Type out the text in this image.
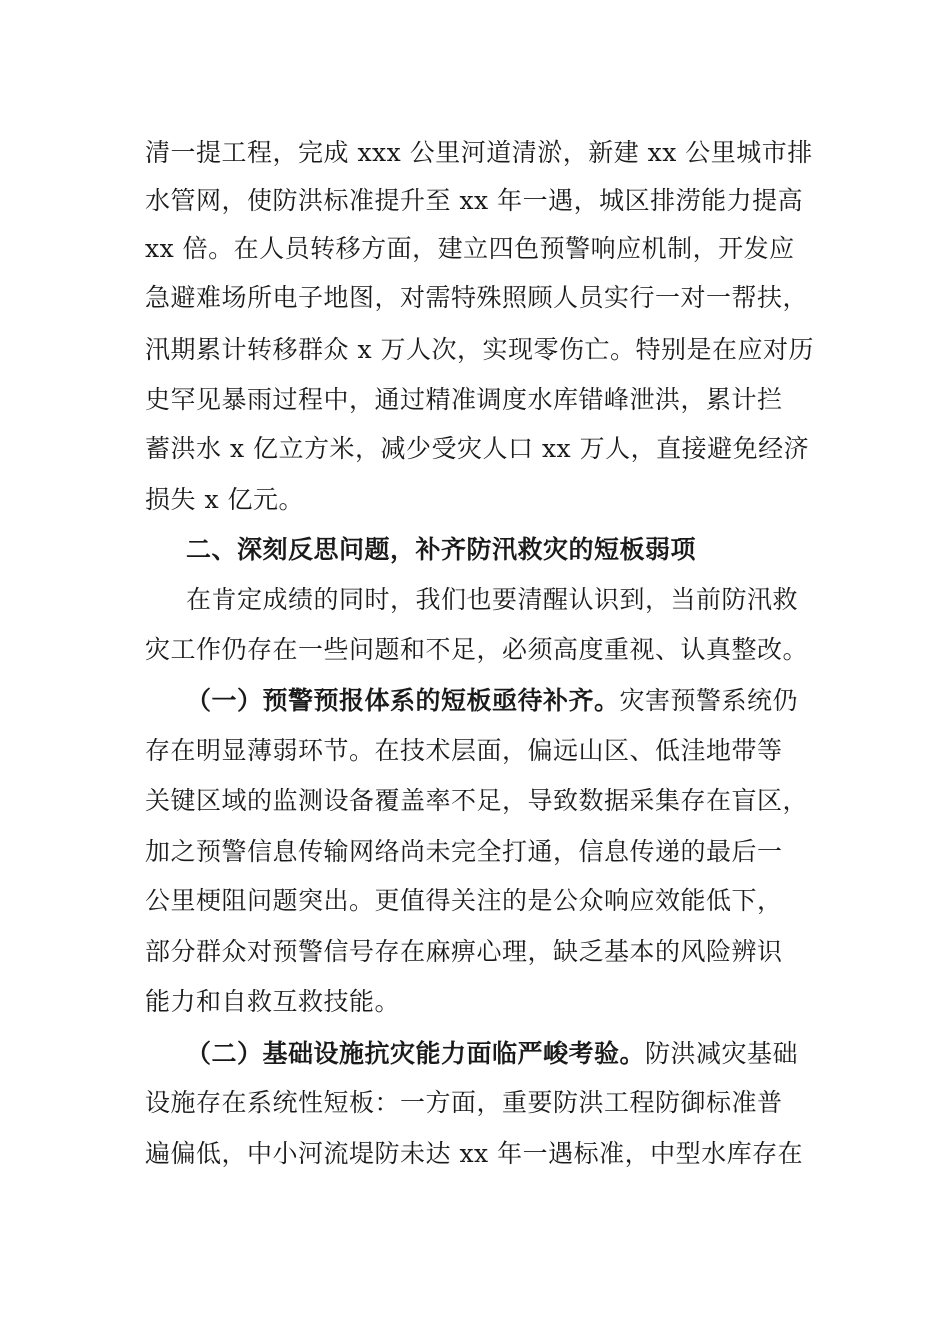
清一提工程，完成 xxx 公里河道清淤，新建 xx 公里城市排
水管网，使防洪标准提升至 xx 年一遇，城区排涝能力提高
xx 倍。在人员转移方面，建立四色预警响应机制，开发应
急避难场所电子地图，对需特殊照顾人员实行一对一帮扶，
汛期累计转移群众 x 万人次，实现零伤亡。特别是在应对历
史罕见暴雨过程中，通过精准调度水库错峰泄洪，累计拦
蓄洪水 x 亿立方米，减少受灾人口 xx 万人，直接避免经济
损失 x 亿元。
二、深刻反思问题，补齐防汛救灾的短板弱项
在肯定成绩的同时，我们也要清醒认识到，当前防汛救
灾工作仍存在一些问题和不足，必须高度重视、认真整改。
（一）预警预报体系的短板亟待补齐。灾害预警系统仍
存在明显薄弱环节。在技术层面，偏远山区、低洼地带等
关键区域的监测设备覆盖率不足，导致数据采集存在盲区，
加之预警信息传输网络尚未完全打通，信息传递的最后一
公里梗阻问题突出。更值得关注的是公众响应效能低下，
部分群众对预警信号存在麻痹心理，缺乏基本的风险辨识
能力和自救互救技能。
（二）基础设施抗灾能力面临严峻考验。防洪减灾基础
设施存在系统性短板：一方面，重要防洪工程防御标准普
遍偏低，中小河流堤防未达 xx 年一遇标准，中型水库存在
